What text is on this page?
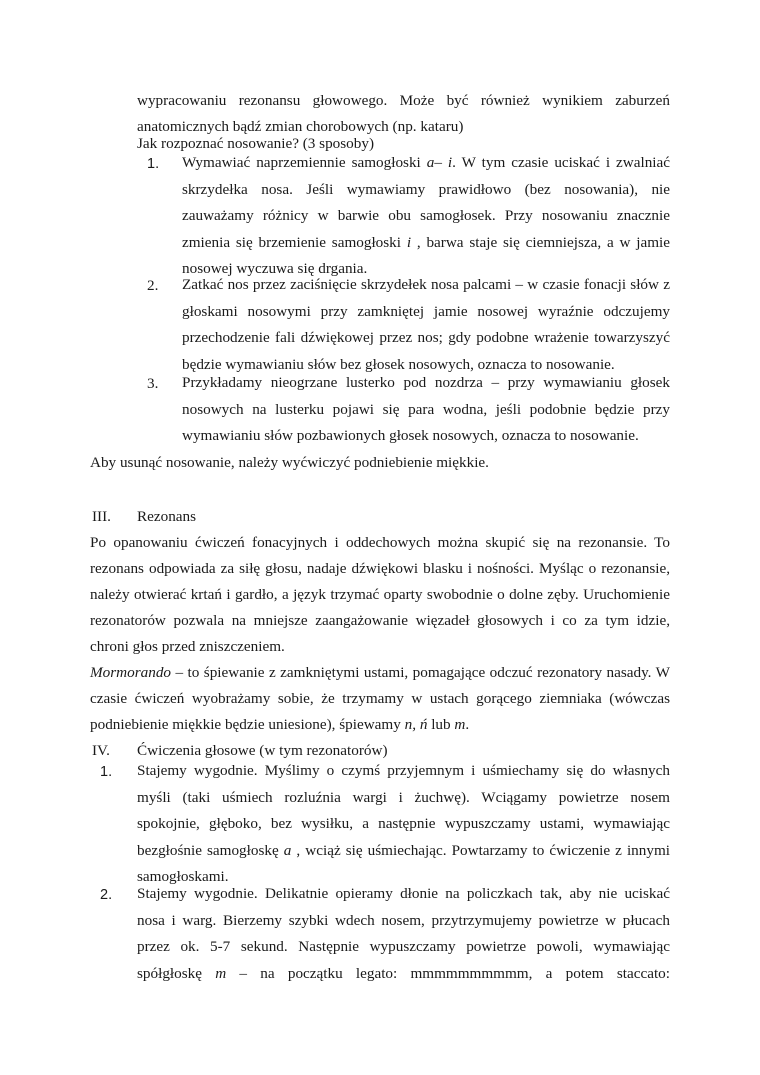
wypracowaniu rezonansu głowowego. Może być również wynikiem zaburzeń
anatomicznych bądź zmian chorobowych (np. kataru)
Jak rozpoznać nosowanie? (3 sposoby)
1. Wymawiać naprzemiennie samogłoski a– i. W tym czasie uciskać i zwalniać
skrzydełka nosa. Jeśli wymawiamy prawidłowo (bez nosowania), nie
zauważamy różnicy w barwie obu samogłosek. Przy nosowaniu znacznie
zmienia się brzemienie samogłoski i , barwa staje się ciemniejsza, a w jamie
nosowej wyczuwa się drgania.
2. Zatkać nos przez zaciśnięcie skrzydełek nosa palcami – w czasie fonacji słów z
głoskami nosowymi przy zamkniętej jamie nosowej wyraźnie odczujemy
przechodzenie fali dźwiękowej przez nos; gdy podobne wrażenie towarzyszyć
będzie wymawianiu słów bez głosek nosowych, oznacza to nosowanie.
3. Przykładamy nieogrzane lusterko pod nozdrza – przy wymawianiu głosek
nosowych na lusterku pojawi się para wodna, jeśli podobnie będzie przy
wymawianiu słów pozbawionych głosek nosowych, oznacza to nosowanie.
Aby usunąć nosowanie, należy wyćwiczyć podniebienie miękkie.
III. Rezonans
Po opanowaniu ćwiczeń fonacyjnych i oddechowych można skupić się na rezonansie. To
rezonans odpowiada za siłę głosu, nadaje dźwiękowi blasku i nośności. Myśląc o rezonansie,
należy otwierać krtań i gardło, a język trzymać oparty swobodnie o dolne zęby. Uruchomienie
rezonatorów pozwala na mniejsze zaangażowanie więzadeł głosowych i co za tym idzie,
chroni głos przed zniszczeniem.
Mormorando – to śpiewanie z zamkniętymi ustami, pomagające odczuć rezonatory nasady. W
czasie ćwiczeń wyobrażamy sobie, że trzymamy w ustach gorącego ziemniaka (wówczas
podniebienie miękkie będzie uniesione), śpiewamy n, ń lub m.
IV. Ćwiczenia głosowe (w tym rezonatorów)
1. Stajemy wygodnie. Myślimy o czymś przyjemnym i uśmiechamy się do własnych
myśli (taki uśmiech rozluźnia wargi i żuchwę). Wciągamy powietrze nosem
spokojnie, głęboko, bez wysiłku, a następnie wypuszczamy ustami, wymawiając
bezgłośnie samogłoskę a , wciąż się uśmiechając. Powtarzamy to ćwiczenie z innymi
samogłoskami.
2. Stajemy wygodnie. Delikatnie opieramy dłonie na policzkach tak, aby nie uciskać
nosa i warg. Bierzemy szybki wdech nosem, przytrzymujemy powietrze w płucach
przez ok. 5-7 sekund. Następnie wypuszczamy powietrze powoli, wymawiając
spółgłoskę m – na początku legato: mmmmmmmmmm, a potem staccato:
